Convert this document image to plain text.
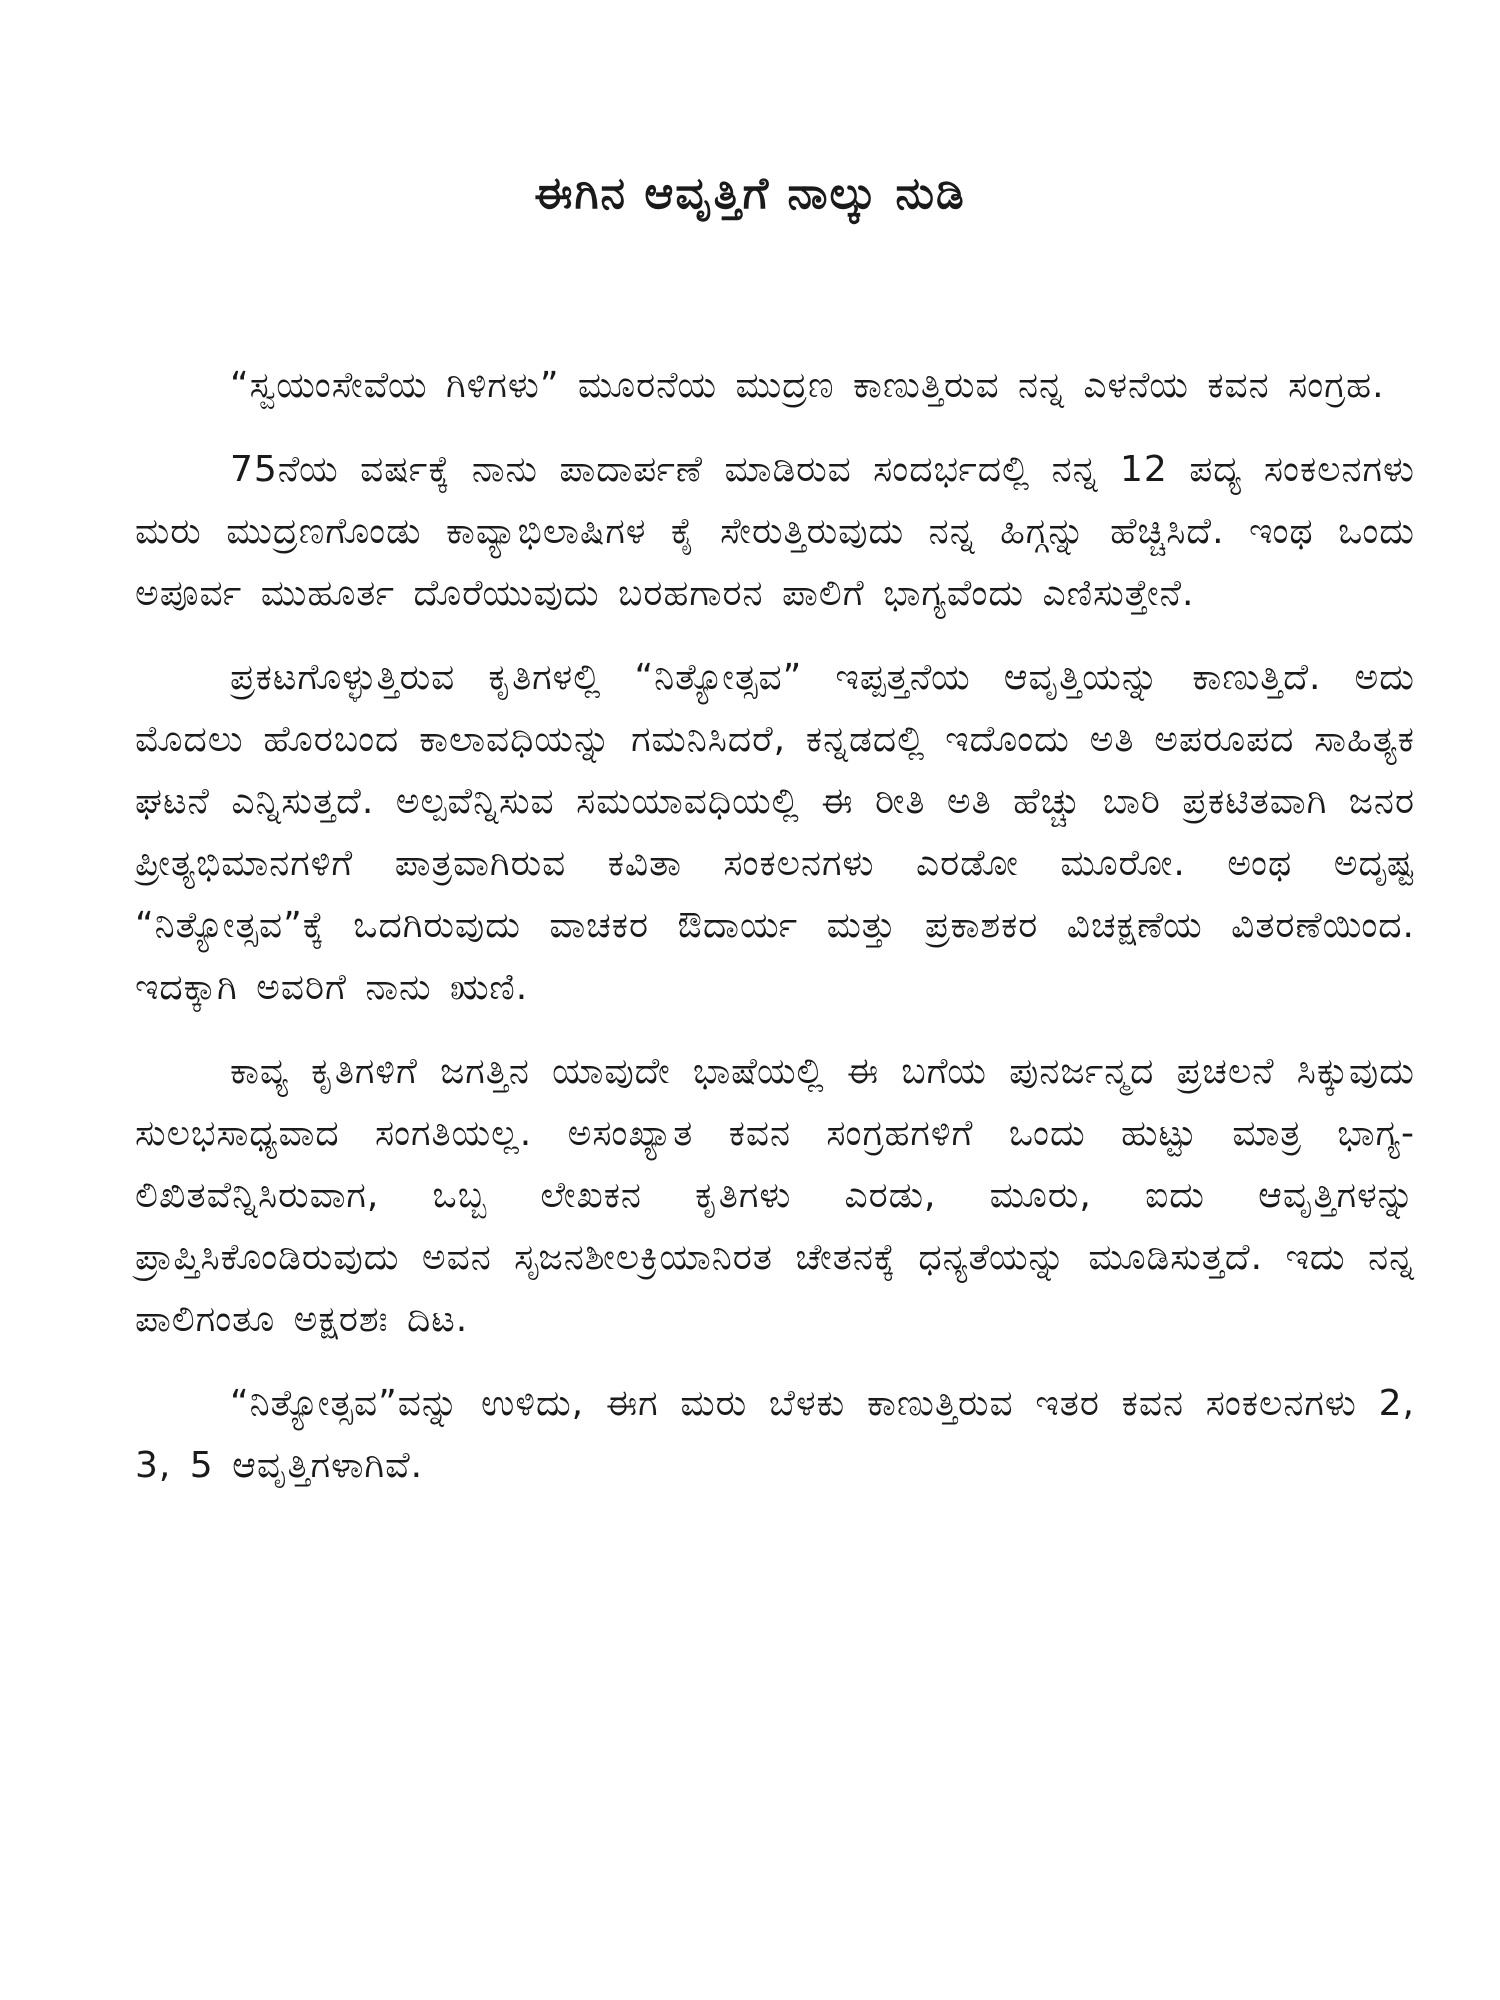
ಈಗಿನ ಆವೃತ್ತಿಗೆ ನಾಲ್ಕು ನುಡಿ

“ಸ್ವಯಂಸೇವೆಯ ಗಿಳಿಗಳು” ಮೂರನೆಯ ಮುದ್ರಣ ಕಾಣುತ್ತಿರುವ ನನ್ನ ಎಳನೆಯ ಕವನ ಸಂಗ್ರಹ.

75ನೆಯ ವರ್ಷಕ್ಕೆ ನಾನು ಪಾದಾರ್ಪಣೆ ಮಾಡಿರುವ ಸಂದರ್ಭದಲ್ಲಿ ನನ್ನ 12 ಪದ್ಯ ಸಂಕಲನಗಳು ಮರು ಮುದ್ರಣಗೊಂಡು ಕಾವ್ಯಾಭಿಲಾಷಿಗಳ ಕೈ ಸೇರುತ್ತಿರುವುದು ನನ್ನ ಹಿಗ್ಗನ್ನು ಹೆಚ್ಚಿಸಿದೆ. ಇಂಥ ಒಂದು ಅಪೂರ್ವ ಮುಹೂರ್ತ ದೊರೆಯುವುದು ಬರಹಗಾರನ ಪಾಲಿಗೆ ಭಾಗ್ಯವೆಂದು ಎಣಿಸುತ್ತೇನೆ.

ಪ್ರಕಟಗೊಳ್ಳುತ್ತಿರುವ ಕೃತಿಗಳಲ್ಲಿ “ನಿತ್ಯೋತ್ಸವ” ಇಪ್ಪತ್ತನೆಯ ಆವೃತ್ತಿಯನ್ನು ಕಾಣುತ್ತಿದೆ. ಅದು ಮೊದಲು ಹೊರಬಂದ ಕಾಲಾವಧಿಯನ್ನು ಗಮನಿಸಿದರೆ, ಕನ್ನಡದಲ್ಲಿ ಇದೊಂದು ಅತಿ ಅಪರೂಪದ ಸಾಹಿತ್ಯಕ ಘಟನೆ ಎನ್ನಿಸುತ್ತದೆ. ಅಲ್ಪವೆನ್ನಿಸುವ ಸಮಯಾವಧಿಯಲ್ಲಿ ಈ ರೀತಿ ಅತಿ ಹೆಚ್ಚು ಬಾರಿ ಪ್ರಕಟಿತವಾಗಿ ಜನರ ಪ್ರೀತ್ಯಭಿಮಾನಗಳಿಗೆ ಪಾತ್ರವಾಗಿರುವ ಕವಿತಾ ಸಂಕಲನಗಳು ಎರಡೋ ಮೂರೋ. ಅಂಥ ಅದೃಷ್ಟ “ನಿತ್ಯೋತ್ಸವ”ಕ್ಕೆ ಒದಗಿರುವುದು ವಾಚಕರ ಔದಾರ್ಯ ಮತ್ತು ಪ್ರಕಾಶಕರ ವಿಚಕ್ಷಣೆಯ ವಿತರಣೆಯಿಂದ. ಇದಕ್ಕಾಗಿ ಅವರಿಗೆ ನಾನು ಋಣಿ.

ಕಾವ್ಯ ಕೃತಿಗಳಿಗೆ ಜಗತ್ತಿನ ಯಾವುದೇ ಭಾಷೆಯಲ್ಲಿ ಈ ಬಗೆಯ ಪುನರ್ಜನ್ಮದ ಪ್ರಚಲನೆ ಸಿಕ್ಕುವುದು ಸುಲಭಸಾಧ್ಯವಾದ ಸಂಗತಿಯಲ್ಲ. ಅಸಂಖ್ಯಾತ ಕವನ ಸಂಗ್ರಹಗಳಿಗೆ ಒಂದು ಹುಟ್ಟು ಮಾತ್ರ ಭಾಗ್ಯ-ಲಿಖಿತವೆನ್ನಿಸಿರುವಾಗ, ಒಬ್ಬ ಲೇಖಕನ ಕೃತಿಗಳು ಎರಡು, ಮೂರು, ಐದು ಆವೃತ್ತಿಗಳನ್ನು ಪ್ರಾಪ್ತಿಸಿಕೊಂಡಿರುವುದು ಅವನ ಸೃಜನಶೀಲಕ್ರಿಯಾನಿರತ ಚೇತನಕ್ಕೆ ಧನ್ಯತೆಯನ್ನು ಮೂಡಿಸುತ್ತದೆ. ಇದು ನನ್ನ ಪಾಲಿಗಂತೂ ಅಕ್ಷರಶಃ ದಿಟ.

“ನಿತ್ಯೋತ್ಸವ”ವನ್ನು ಉಳಿದು, ಈಗ ಮರು ಬೆಳಕು ಕಾಣುತ್ತಿರುವ ಇತರ ಕವನ ಸಂಕಲನಗಳು 2, 3, 5 ಆವೃತ್ತಿಗಳಾಗಿವೆ.
